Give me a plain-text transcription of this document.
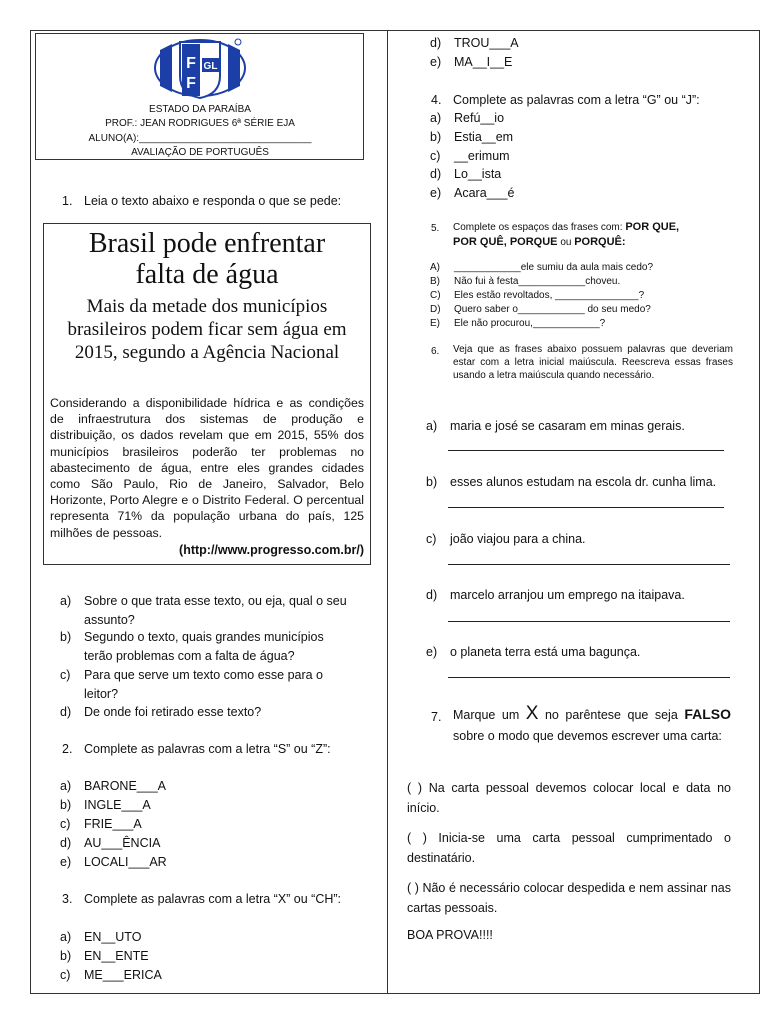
F
F
GL
ESTADO DA PARAÍBA
PROF.: JEAN RODRIGUES 6ª SÉRIE EJA
ALUNO(A):_______________________________
AVALIAÇÃO DE PORTUGUÊS
1. Leia o texto abaixo e responda o que se pede:
Brasil pode enfrentar
falta de água
Mais da metade dos municípios
brasileiros podem ficar sem água em
2015, segundo a Agência Nacional
Considerando a disponibilidade hídrica e as condições de infraestrutura dos sistemas de produção e distribuição, os dados revelam que em 2015, 55% dos municípios brasileiros poderão ter problemas no abastecimento de água, entre eles grandes cidades como São Paulo, Rio de Janeiro, Salvador, Belo Horizonte, Porto Alegre e o Distrito Federal. O percentual representa 71% da população urbana do país, 125 milhões de pessoas.
(http://www.progresso.com.br/)
a)	Sobre o que trata esse texto, ou eja, qual o seu assunto?
b)	Segundo o texto, quais grandes municípios terão problemas com a falta de água?
c)	Para que serve um texto como esse para o leitor?
d)	De onde foi retirado esse texto?
2. Complete as palavras com a letra “S” ou “Z”:
a) BARONE___A
b) INGLE___A
c) FRIE___A
d) AU___ÊNCIA
e) LOCALI___AR
3. Complete as palavras com a letra “X” ou “CH”:
a) EN__UTO
b) EN__ENTE
c) ME___ERICA
d) TROU___A
e) MA__I__E
4. Complete as palavras com a letra “G” ou “J”:
a) Refú__io
b) Estia__em
c) __erimum
d) Lo__ista
e) Acara___é
5. Complete os espaços das frases com: POR QUE,
POR QUÊ, PORQUE ou PORQUÊ:
A) ____________ele sumiu da aula mais cedo?
B) Não fui à festa____________choveu.
C) Eles estão revoltados, _______________?
D) Quero saber o____________ do seu medo?
E) Ele não procurou,____________?
6. Veja que as frases abaixo possuem palavras que deveriam estar com a letra inicial maiúscula. Reescreva essas frases usando a letra maiúscula quando necessário.
a) maria e josé se casaram em minas gerais.
b) esses alunos estudam na escola dr. cunha lima.
c) joão viajou para a china.
d) marcelo arranjou um emprego na itaipava.
e) o planeta terra está uma bagunça.
7. Marque um X no parêntese que seja FALSO sobre o modo que devemos escrever uma carta:
( ) Na carta pessoal devemos colocar local e data no início.
( ) Inicia-se uma carta pessoal cumprimentado o destinatário.
( ) Não é necessário colocar despedida e nem assinar nas cartas pessoais.
BOA PROVA!!!!
